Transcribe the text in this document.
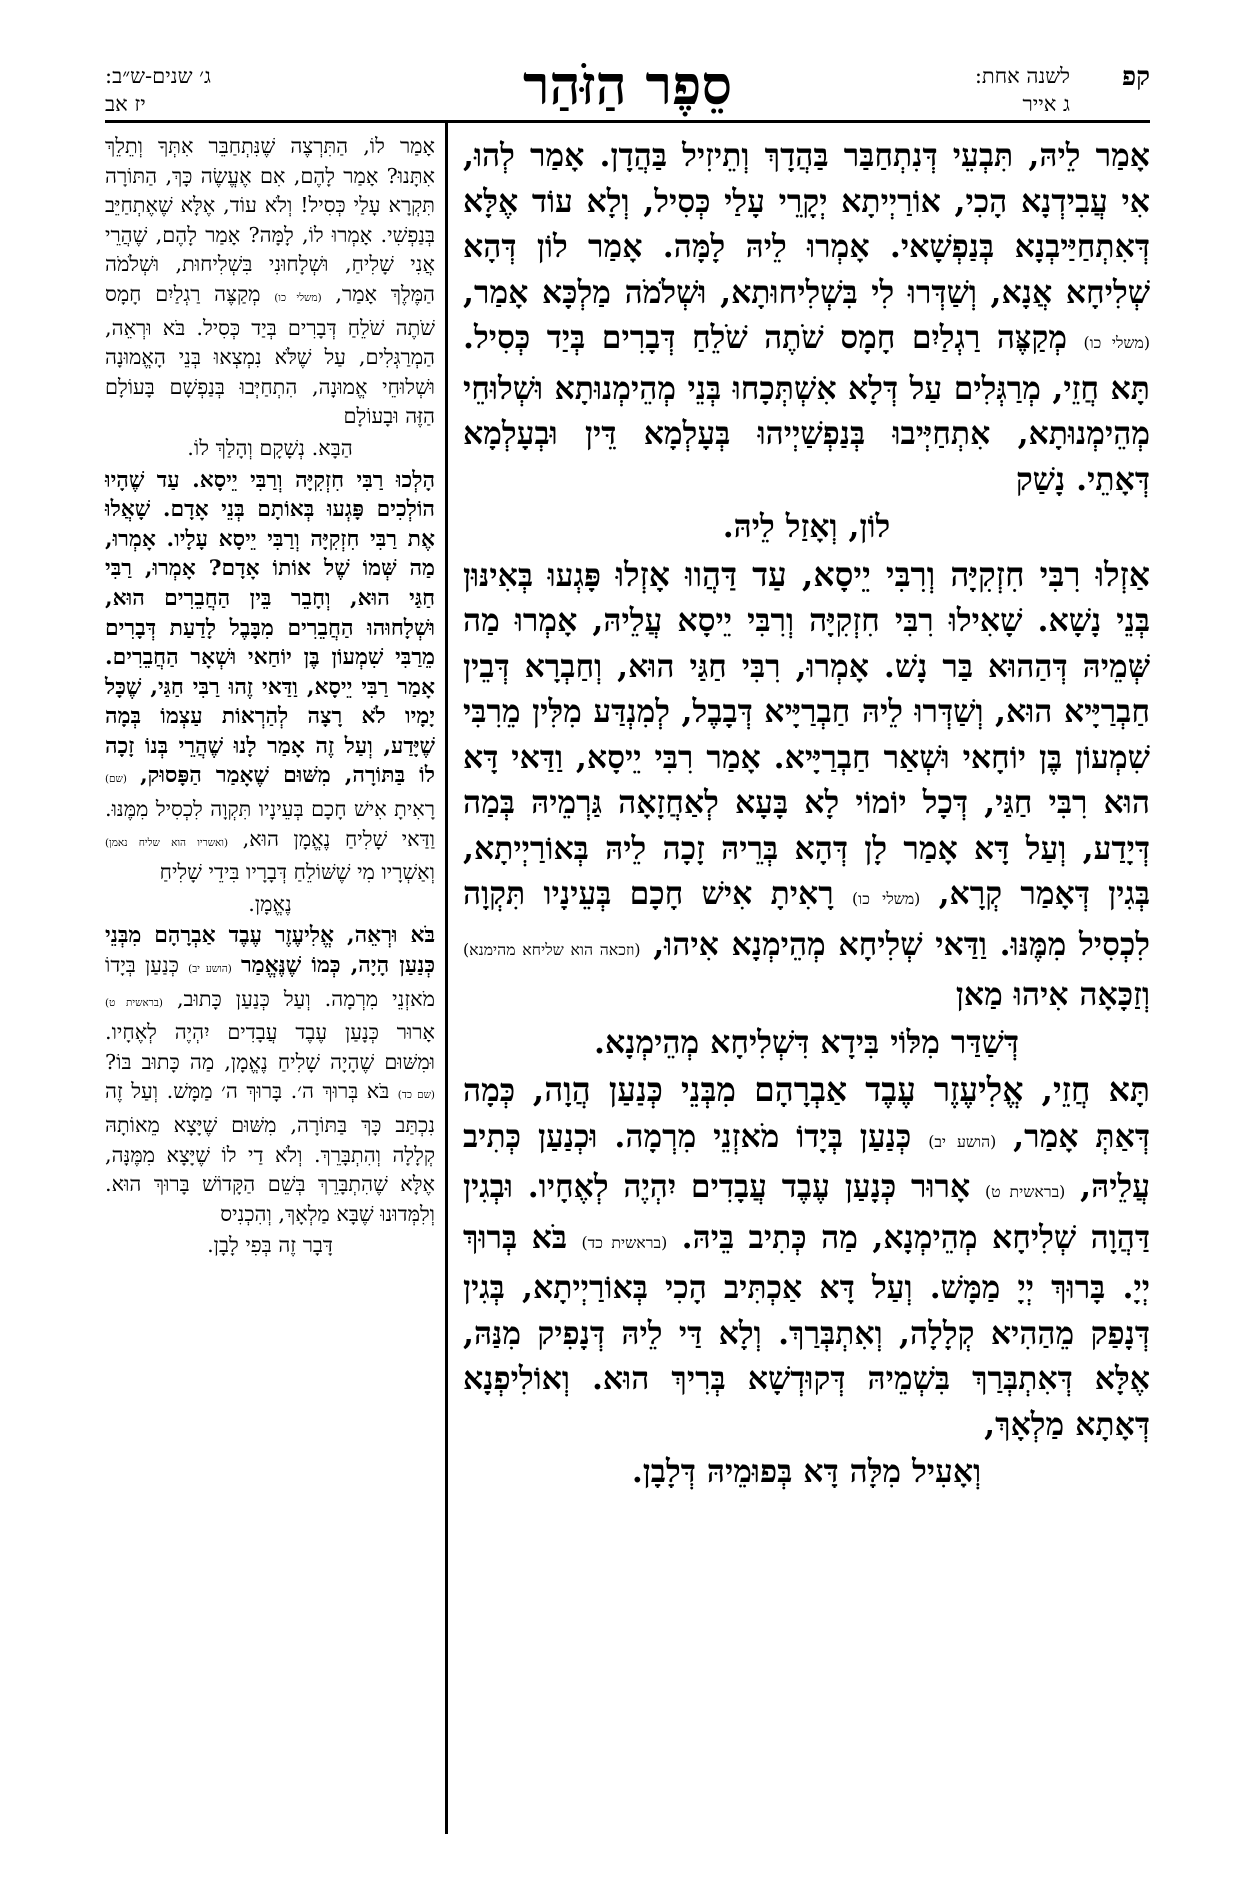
ג׳ שנים-ש״ב:
יז אב	סֵפֶר הַזֹּהַר	לשנה אחת:
ג אייר
קפ

אָמַר לֵיהּ, תִּבְעֵי דְּנִתְחַבַּר בַּהֲדָךְ וְתֵיזִיל בַּהֲדָן. אָמַר לְהוּ, אִי עֲבִידְנָא הָכִי, אוֹרַיְיתָא יְקָרֵי עָלַי כְּסִיל, וְלָא עוֹד אֶלָּא דְּאִתְחַיַּיבְנָא בְּנַפְשָׁאי. אָמְרוּ לֵיהּ לָמָּה. אָמַר לוֹן דְּהָא שְׁלִיחָא אֲנָא, וְשַׁדְּרוּ לִי בִּשְׁלִיחוּתָא, וּשְׁלֹמֹה מַלְכָּא אָמַר, (משלי כו) מְקַצֶּה רַגְלַיִם חָמָס שֹׁתֶה שֹׁלֵחַ דְּבָרִים בְּיַד כְּסִיל. תָּא חֲזֵי, מְרַגְּלִים עַל דְּלָא אִשְׁתְּכָחוּ בְּנֵי מְהֵימְנוּתָא וּשְׁלוּחֵי מְהֵימְנוּתָא, אִתְחַיְּיבוּ בְּנַפְשַׁיְיהוּ בְּעָלְמָא דֵּין וּבְעָלְמָא דְּאָתֵי. נָשַׁק

לוֹן, וְאָזַל לֵיהּ.

אַזְלוּ רִבִּי חִזְקִיָּה וְרִבִּי יֵיסָא, עַד דַּהֲווּ אָזְלוּ פָּגְעוּ בְּאִינּוּן בְּנֵי נָשָׁא. שָׁאִילוּ רִבִּי חִזְקִיָּה וְרִבִּי יֵיסָא עֲלֵיהּ, אָמְרוּ מַה שְּׁמֵיהּ דְּהַהוּא בַּר נָשׁ. אָמְרוּ, רִבִּי חַגַּי הוּא, וְחַבְרָא דְּבֵין חַבְרַיָּיא הוּא, וְשַׁדְּרוּ לֵיהּ חַבְרַיָּיא דְּבָבֶל, לְמִנְדַּע מִלִּין מֵרִבִּי שִׁמְעוֹן בֶּן יוֹחָאי וּשְׁאַר חַבְרַיָּיא. אָמַר רִבִּי יֵיסָא, וַדַּאי דָּא הוּא רִבִּי חַגַּי, דְּכָל יוֹמוֹי לָא בָּעָא לְאַחֲזָאָה גַּרְמֵיהּ בְּמַה דְּיָדַע, וְעַל דָּא אָמַר לָן דְּהָא בְּרֵיהּ זָכָה לֵיהּ בְּאוֹרַיְיתָא, בְּגִין דְּאָמַר קְרָא, (משלי כו) רָאִיתָ אִישׁ חָכָם בְּעֵינָיו תִּקְוָה לִכְסִיל מִמֶּנּוּ. וַדַּאי שְׁלִיחָא מְהֵימְנָא אִיהוּ, (וזכאה הוא שליחא מהימנא) וְזַכָּאָה אִיהוּ מַאן

דְּשַׁדַּר מִלּוֹי בִּידָא דִּשְׁלִיחָא מְהֵימְנָא.

תָּא חֲזֵי, אֱלִיעֶזֶר עֶבֶד אַבְרָהָם מִבְּנֵי כְּנַעַן הֲוָה, כְּמָה דְּאַתְּ אָמַר, (הושע יב) כְּנַעַן בְּיָדוֹ מֹאזְנֵי מִרְמָה. וּכְנַעַן כְּתִיב עֲלֵיהּ, (בראשית ט) אָרוּר כְּנָעַן עֶבֶד עֲבָדִים יִהְיֶה לְאֶחָיו. וּבְגִין דַּהֲוָה שְׁלִיחָא מְהֵימְנָא, מַה כְּתִיב בֵּיהּ. (בראשית כד) בֹּא בְּרוּךְ יְיָ. בָּרוּךְ יְיָ מַמָּשׁ. וְעַל דָּא אַכְתִּיב הָכִי בְּאוֹרַיְיתָא, בְּגִין דְּנָפַק מֵהַהִיא קְלָלָה, וְאִתְבְּרַךְ. וְלָא דַּי לֵיהּ דְּנָפִיק מִנַּהּ, אֶלָּא דְּאִתְבְּרַךְ בִּשְׁמֵיהּ דְּקוּדְשָׁא בְּרִיךְ הוּא. וְאוֹלִיפְנָא דְּאָתָא מַלְאָךְ,

וְאָעִיל מִלָּה דָּא בְּפוּמֵיהּ דְּלָבָן.

אָמַר לוֹ, הַתִּרְצֶה שֶׁנִּתְחַבֵּר אִתְּךָ וְתֵלֵךְ אִתָּנוּ? אָמַר לָהֶם, אִם אֶעֱשֶׂה כָּךְ, הַתּוֹרָה תִּקְרָא עָלַי כְּסִיל! וְלֹא עוֹד, אֶלָּא שֶׁאֶתְחַיֵּב בְּנַפְשִׁי. אָמְרוּ לוֹ, לָמָּה? אָמַר לָהֶם, שֶׁהֲרֵי אֲנִי שָׁלִיחַ, וּשְׁלָחוּנִי בִּשְׁלִיחוּת, וּשְׁלֹמֹה הַמֶּלֶךְ אָמַר, (משלי כו) מְקַצֶּה רַגְלַיִם חָמָס שֹׁתֶה שֹׁלֵחַ דְּבָרִים בְּיַד כְּסִיל. בֹּא וּרְאֵה, הַמְרַגְּלִים, עַל שֶׁלֹּא נִמְצְאוּ בְּנֵי הָאֱמוּנָה וּשְׁלוּחֵי אֱמוּנָה, הִתְחַיְּבוּ בְּנַפְשָׁם בָּעוֹלָם הַזֶּה וּבָעוֹלָם

הַבָּא. נְשָׁקָם וְהָלַךְ לוֹ.

הָלְכוּ רַבִּי חִזְקִיָּה וְרַבִּי יֵיסָא. עַד שֶׁהָיוּ הוֹלְכִים פָּגְעוּ בְּאוֹתָם בְּנֵי אָדָם. שָׁאֲלוּ אֶת רַבִּי חִזְקִיָּה וְרַבִּי יֵיסָא עָלָיו. אָמְרוּ, מַה שְּׁמוֹ שֶׁל אוֹתוֹ אָדָם? אָמְרוּ, רַבִּי חַגַּי הוּא, וְחָבֵר בֵּין הַחֲבֵרִים הוּא, וּשְׁלָחוּהוּ הַחֲבֵרִים מִבָּבֶל לָדַעַת דְּבָרִים מֵרַבִּי שִׁמְעוֹן בֶּן יוֹחַאי וּשְׁאָר הַחֲבֵרִים. אָמַר רַבִּי יֵיסָא, וַדַּאי זֶהוּ רַבִּי חַגַּי, שֶׁכָּל יָמָיו לֹא רָצָה לְהַרְאוֹת עַצְמוֹ בְּמָה שֶׁיָּדַע, וְעַל זֶה אָמַר לָנוּ שֶׁהֲרֵי בְּנוֹ זָכָה לוֹ בַּתּוֹרָה, מִשּׁוּם שֶׁאָמַר הַפָּסוּק, (שם) רָאִיתָ אִישׁ חָכָם בְּעֵינָיו תִּקְוָה לִכְסִיל מִמֶּנּוּ. וַדַּאי שָׁלִיחַ נֶאֱמָן הוּא, (ואשריו הוא שליח נאמן) וְאַשְׁרָיו מִי שֶׁשּׁוֹלֵחַ דְּבָרָיו בִּידֵי שָׁלִיחַ

נֶאֱמָן.

בֹּא וּרְאֵה, אֱלִיעֶזֶר עֶבֶד אַבְרָהָם מִבְּנֵי כְּנַעַן הָיָה, כְּמוֹ שֶׁנֶּאֱמַר (הושע יב) כְּנַעַן בְּיָדוֹ מֹאזְנֵי מִרְמָה. וְעַל כְּנַעַן כָּתוּב, (בראשית ט) אָרוּר כְּנָעַן עֶבֶד עֲבָדִים יִהְיֶה לְאֶחָיו. וּמִשּׁוּם שֶׁהָיָה שָׁלִיחַ נֶאֱמָן, מַה כָּתוּב בּוֹ? (שם כד) בֹּא בְּרוּךְ ה׳. בָּרוּךְ ה׳ מַמָּשׁ. וְעַל זֶה נִכְתַּב כָּךְ בַּתּוֹרָה, מִשּׁוּם שֶׁיָּצָא מֵאוֹתָהּ קְלָלָה וְהִתְבָּרֵךְ. וְלֹא דַי לוֹ שֶׁיָּצָא מִמֶּנָּה, אֶלָּא שֶׁהִתְבָּרֵךְ בְּשֵׁם הַקָּדוֹשׁ בָּרוּךְ הוּא. וְלִמְּדוּנוּ שֶׁבָּא מַלְאָךְ, וְהִכְנִיס

דָּבָר זֶה בְּפִי לָבָן.
